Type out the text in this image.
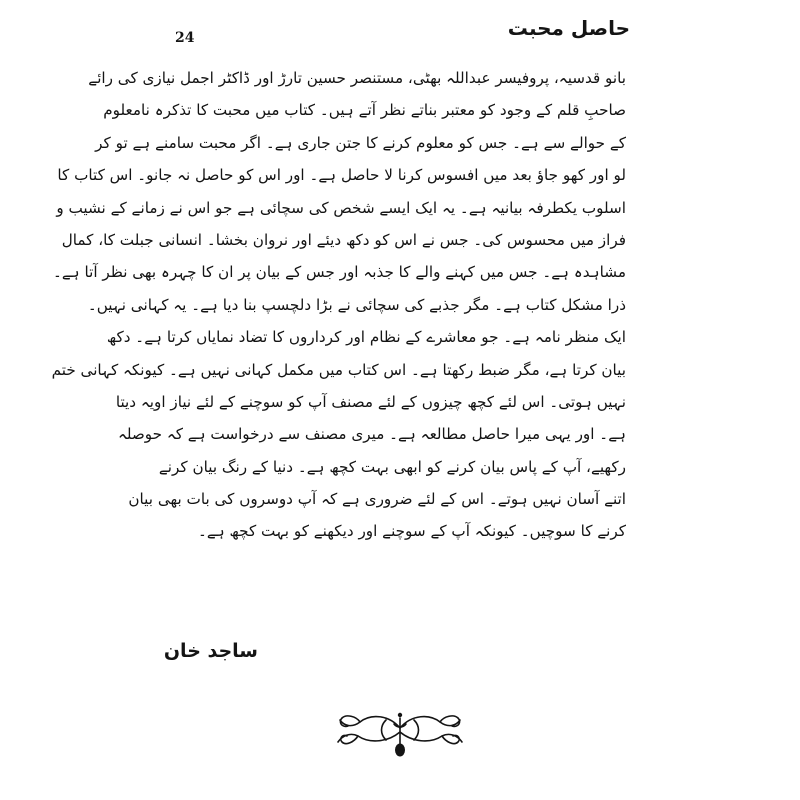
حاصل محبت
24
بانو قدسیہ، پروفیسر عبداللہ بھٹی، مستنصر حسین تارڑ اور ڈاکٹر اجمل نیازی کی رائے
صاحبِ قلم کے وجود کو معتبر بناتے نظر آتے ہیں۔ کتاب میں محبت کا تذکرہ نامعلوم
کے حوالے سے ہے۔ جس کو معلوم کرنے کا جتن جاری ہے۔ اگر محبت سامنے ہے تو کر
لو اور کھو جاؤ بعد میں افسوس کرنا لا حاصل ہے۔ اور اس کو حاصل نہ جانو۔ اس کتاب کا
اسلوب یکطرفہ بیانیہ ہے۔ یہ ایک ایسے شخص کی سچائی ہے جو اس نے زمانے کے نشیب و
فراز میں محسوس کی۔ جس نے اس کو دکھ دیئے اور نروان بخشا۔ انسانی جبلت کا، کمال
مشاہدہ ہے۔ جس میں کہنے والے کا جذبہ اور جس کے بیان پر ان کا چہرہ بھی نظر آتا ہے۔
ذرا مشکل کتاب ہے۔ مگر جذبے کی سچائی نے بڑا دلچسپ بنا دیا ہے۔ یہ کہانی نہیں۔
ایک منظر نامہ ہے۔ جو معاشرے کے نظام اور کرداروں کا تضاد نمایاں کرتا ہے۔ دکھ
بیان کرتا ہے، مگر ضبط رکھتا ہے۔ اس کتاب میں مکمل کہانی نہیں ہے۔ کیونکہ کہانی ختم
نہیں ہوتی۔ اس لئے کچھ چیزوں کے لئے مصنف آپ کو سوچنے کے لئے نیاز اویہ دیتا
ہے۔ اور یہی میرا حاصل مطالعہ ہے۔ میری مصنف سے درخواست ہے کہ حوصلہ
رکھیے، آپ کے پاس بیان کرنے کو ابھی بہت کچھ ہے۔ دنیا کے رنگ بیان کرنے
اتنے آسان نہیں ہوتے۔ اس کے لئے ضروری ہے کہ آپ دوسروں کی بات بھی بیان
کرنے کا سوچیں۔ کیونکہ آپ کے سوچنے اور دیکھنے کو بہت کچھ ہے۔
ساجد خان
